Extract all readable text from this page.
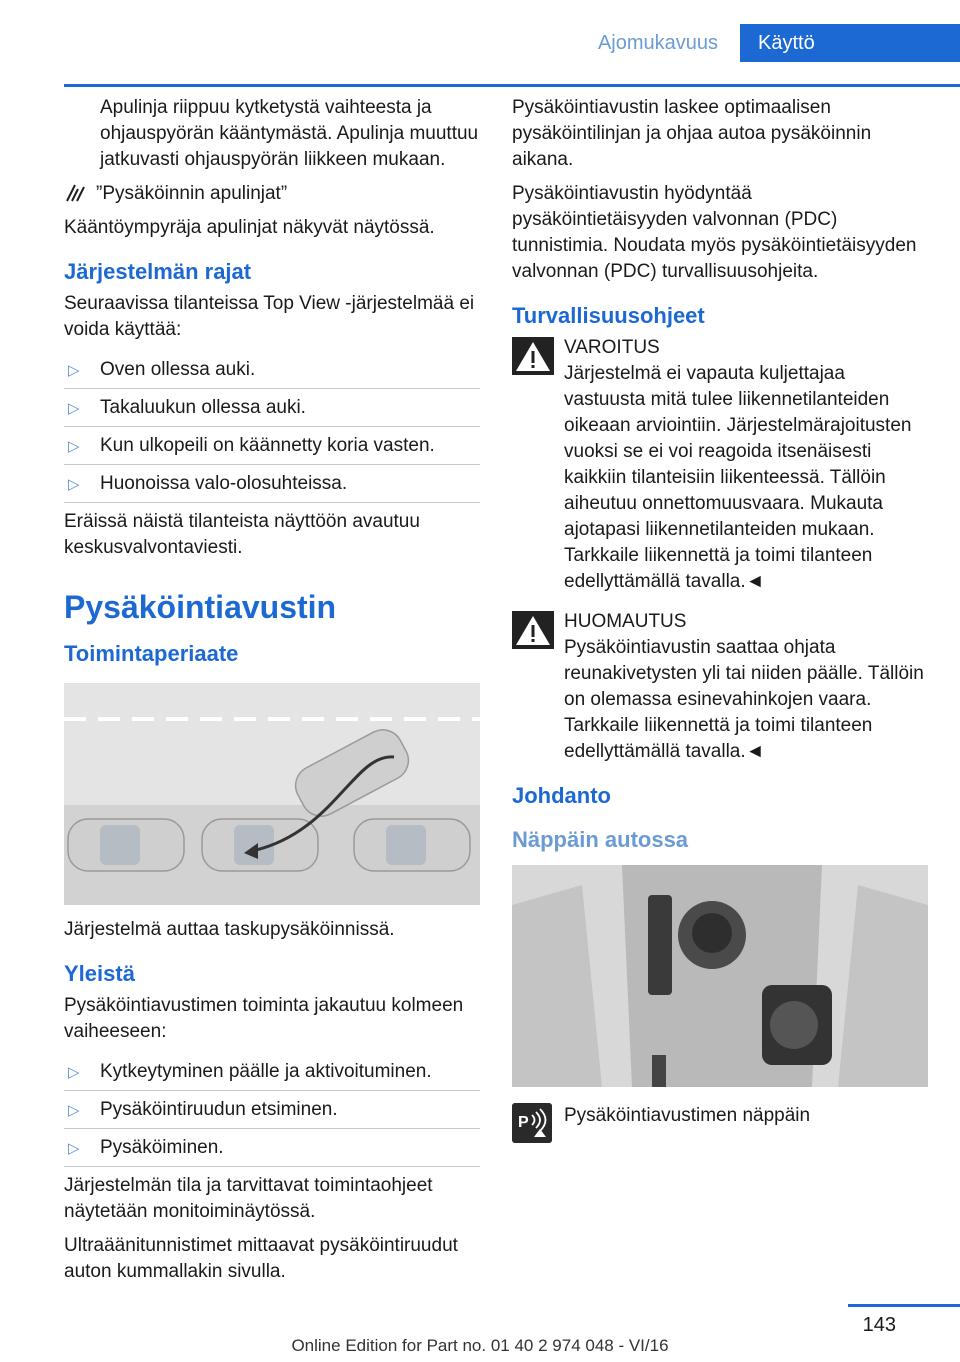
Ajomukavuus	Käyttö

Apulinja riippuu kytketystä vaihteesta ja ohjauspyörän kääntymästä. Apulinja muuttuu jatkuvasti ohjauspyörän liikkeen mukaan.

”Pysäköinnin apulinjat”

Kääntöympyräja apulinjat näkyvät näytössä.

Järjestelmän rajat

Seuraavissa tilanteissa Top View -järjestelmää ei voida käyttää:

▷ Oven ollessa auki.
▷ Takaluukun ollessa auki.
▷ Kun ulkopeili on käännetty koria vasten.
▷ Huonoissa valo-olosuhteissa.

Eräissä näistä tilanteista näyttöön avautuu keskusvalvontaviesti.

Pysäköintiavustin
Toimintaperiaate

Järjestelmä auttaa taskupysäköinnissä.

Yleistä

Pysäköintiavustimen toiminta jakautuu kolmeen vaiheeseen:

▷ Kytkeytyminen päälle ja aktivoituminen.
▷ Pysäköintiruudun etsiminen.
▷ Pysäköiminen.

Järjestelmän tila ja tarvittavat toimintaohjeet näytetään monitoiminäytössä.

Ultraäänitunnistimet mittaavat pysäköintiruudut auton kummallakin sivulla.

Pysäköintiavustin laskee optimaalisen pysäköintilinjan ja ohjaa autoa pysäköinnin aikana.

Pysäköintiavustin hyödyntää pysäköintietäisyyden valvonnan (PDC) tunnistimia. Noudata myös pysäköintietäisyyden valvonnan (PDC) turvallisuusohjeita.

Turvallisuusohjeet
VAROITUS
Järjestelmä ei vapauta kuljettajaa vastuusta mitä tulee liikennetilanteiden oikeaan arviointiin. Järjestelmärajoitusten vuoksi se ei voi reagoida itsenäisesti kaikkiin tilanteisiin liikenteessä. Tällöin aiheutuu onnettomuusvaara. Mukauta ajotapasi liikennetilanteiden mukaan. Tarkkaile liikennettä ja toimi tilanteen edellyttämällä tavalla.◄
HUOMAUTUS
Pysäköintiavustin saattaa ohjata reunakivetysten yli tai niiden päälle. Tällöin on olemassa esinevahinkojen vaara. Tarkkaile liikennettä ja toimi tilanteen edellyttämällä tavalla.◄
Johdanto
Näppäin autossa
P Pysäköintiavustimen näppäin
143
Online Edition for Part no. 01 40 2 974 048 - VI/16
